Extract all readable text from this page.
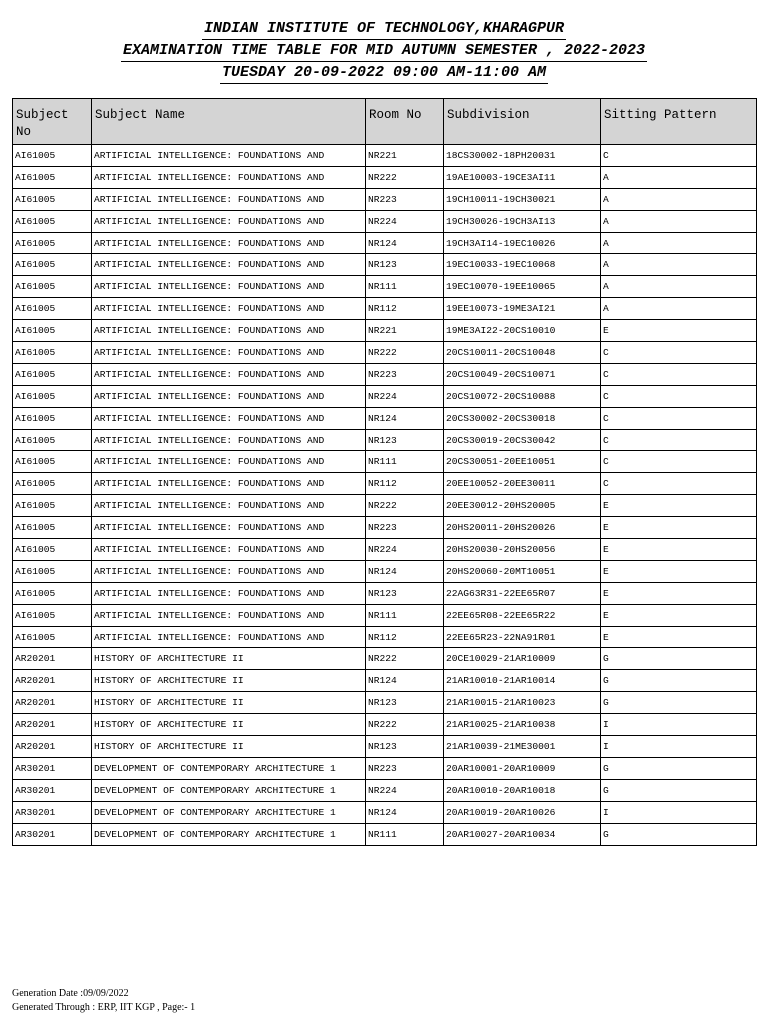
INDIAN INSTITUTE OF TECHNOLOGY,KHARAGPUR
EXAMINATION TIME TABLE FOR MID AUTUMN SEMESTER , 2022-2023
TUESDAY 20-09-2022 09:00 AM-11:00 AM
Subject No	Subject Name	Room No	Subdivision	Sitting Pattern
AI61005	ARTIFICIAL INTELLIGENCE: FOUNDATIONS AND	NR221	18CS30002-18PH20031	C
AI61005	ARTIFICIAL INTELLIGENCE: FOUNDATIONS AND	NR222	19AE10003-19CE3AI11	A
AI61005	ARTIFICIAL INTELLIGENCE: FOUNDATIONS AND	NR223	19CH10011-19CH30021	A
AI61005	ARTIFICIAL INTELLIGENCE: FOUNDATIONS AND	NR224	19CH30026-19CH3AI13	A
AI61005	ARTIFICIAL INTELLIGENCE: FOUNDATIONS AND	NR124	19CH3AI14-19EC10026	A
AI61005	ARTIFICIAL INTELLIGENCE: FOUNDATIONS AND	NR123	19EC10033-19EC10068	A
AI61005	ARTIFICIAL INTELLIGENCE: FOUNDATIONS AND	NR111	19EC10070-19EE10065	A
AI61005	ARTIFICIAL INTELLIGENCE: FOUNDATIONS AND	NR112	19EE10073-19ME3AI21	A
AI61005	ARTIFICIAL INTELLIGENCE: FOUNDATIONS AND	NR221	19ME3AI22-20CS10010	E
AI61005	ARTIFICIAL INTELLIGENCE: FOUNDATIONS AND	NR222	20CS10011-20CS10048	C
AI61005	ARTIFICIAL INTELLIGENCE: FOUNDATIONS AND	NR223	20CS10049-20CS10071	C
AI61005	ARTIFICIAL INTELLIGENCE: FOUNDATIONS AND	NR224	20CS10072-20CS10088	C
AI61005	ARTIFICIAL INTELLIGENCE: FOUNDATIONS AND	NR124	20CS30002-20CS30018	C
AI61005	ARTIFICIAL INTELLIGENCE: FOUNDATIONS AND	NR123	20CS30019-20CS30042	C
AI61005	ARTIFICIAL INTELLIGENCE: FOUNDATIONS AND	NR111	20CS30051-20EE10051	C
AI61005	ARTIFICIAL INTELLIGENCE: FOUNDATIONS AND	NR112	20EE10052-20EE30011	C
AI61005	ARTIFICIAL INTELLIGENCE: FOUNDATIONS AND	NR222	20EE30012-20HS20005	E
AI61005	ARTIFICIAL INTELLIGENCE: FOUNDATIONS AND	NR223	20HS20011-20HS20026	E
AI61005	ARTIFICIAL INTELLIGENCE: FOUNDATIONS AND	NR224	20HS20030-20HS20056	E
AI61005	ARTIFICIAL INTELLIGENCE: FOUNDATIONS AND	NR124	20HS20060-20MT10051	E
AI61005	ARTIFICIAL INTELLIGENCE: FOUNDATIONS AND	NR123	22AG63R31-22EE65R07	E
AI61005	ARTIFICIAL INTELLIGENCE: FOUNDATIONS AND	NR111	22EE65R08-22EE65R22	E
AI61005	ARTIFICIAL INTELLIGENCE: FOUNDATIONS AND	NR112	22EE65R23-22NA91R01	E
AR20201	HISTORY OF ARCHITECTURE II	NR222	20CE10029-21AR10009	G
AR20201	HISTORY OF ARCHITECTURE II	NR124	21AR10010-21AR10014	G
AR20201	HISTORY OF ARCHITECTURE II	NR123	21AR10015-21AR10023	G
AR20201	HISTORY OF ARCHITECTURE II	NR222	21AR10025-21AR10038	I
AR20201	HISTORY OF ARCHITECTURE II	NR123	21AR10039-21ME30001	I
AR30201	DEVELOPMENT OF CONTEMPORARY ARCHITECTURE 1	NR223	20AR10001-20AR10009	G
AR30201	DEVELOPMENT OF CONTEMPORARY ARCHITECTURE 1	NR224	20AR10010-20AR10018	G
AR30201	DEVELOPMENT OF CONTEMPORARY ARCHITECTURE 1	NR124	20AR10019-20AR10026	I
AR30201	DEVELOPMENT OF CONTEMPORARY ARCHITECTURE 1	NR111	20AR10027-20AR10034	G
Generation Date :09/09/2022
Generated Through : ERP, IIT KGP , Page:- 1
